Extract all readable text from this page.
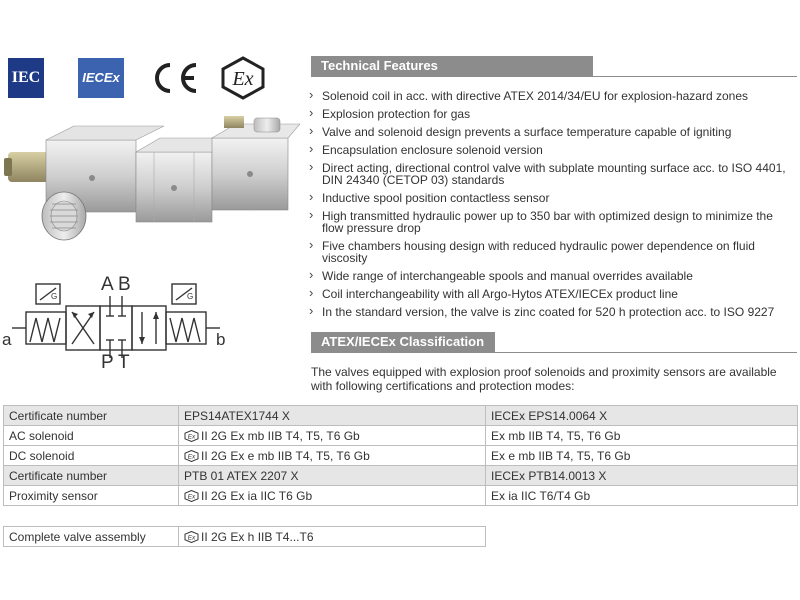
IEC	IECEx	Ex
A B
P T
a	b
G	G
Technical Features
› Solenoid coil in acc. with directive ATEX 2014/34/EU for explosion-hazard zones
› Explosion protection for gas
› Valve and solenoid design prevents a surface temperature capable of igniting
› Encapsulation enclosure solenoid version
› Direct acting, directional control valve with subplate mounting surface acc. to ISO 4401, DIN 24340 (CETOP 03) standards
› Inductive spool position contactless sensor
› High transmitted hydraulic power up to 350 bar with optimized design to minimize the flow pressure drop
› Five chambers housing design with reduced hydraulic power dependence on fluid viscosity
› Wide range of interchangeable spools and manual overrides available
› Coil interchangeability with all Argo-Hytos ATEX/IECEx product line
› In the standard version, the valve is zinc coated for 520 h protection acc. to ISO 9227
ATEX/IECEx Classification
The valves equipped with explosion proof solenoids and proximity sensors are available with following certifications and protection modes:
Certificate number	EPS14ATEX1744 X	IECEx EPS14.0064 X
AC solenoid	Ex II 2G Ex mb IIB T4, T5, T6 Gb	Ex mb IIB T4, T5, T6 Gb
DC solenoid	Ex II 2G Ex e mb IIB T4, T5, T6 Gb	Ex e mb IIB T4, T5, T6 Gb
Certificate number	PTB 01 ATEX 2207 X	IECEx PTB14.0013 X
Proximity sensor	Ex II 2G Ex ia IIC T6 Gb	Ex ia IIC T6/T4 Gb
Complete valve assembly	Ex II 2G Ex h IIB T4...T6
